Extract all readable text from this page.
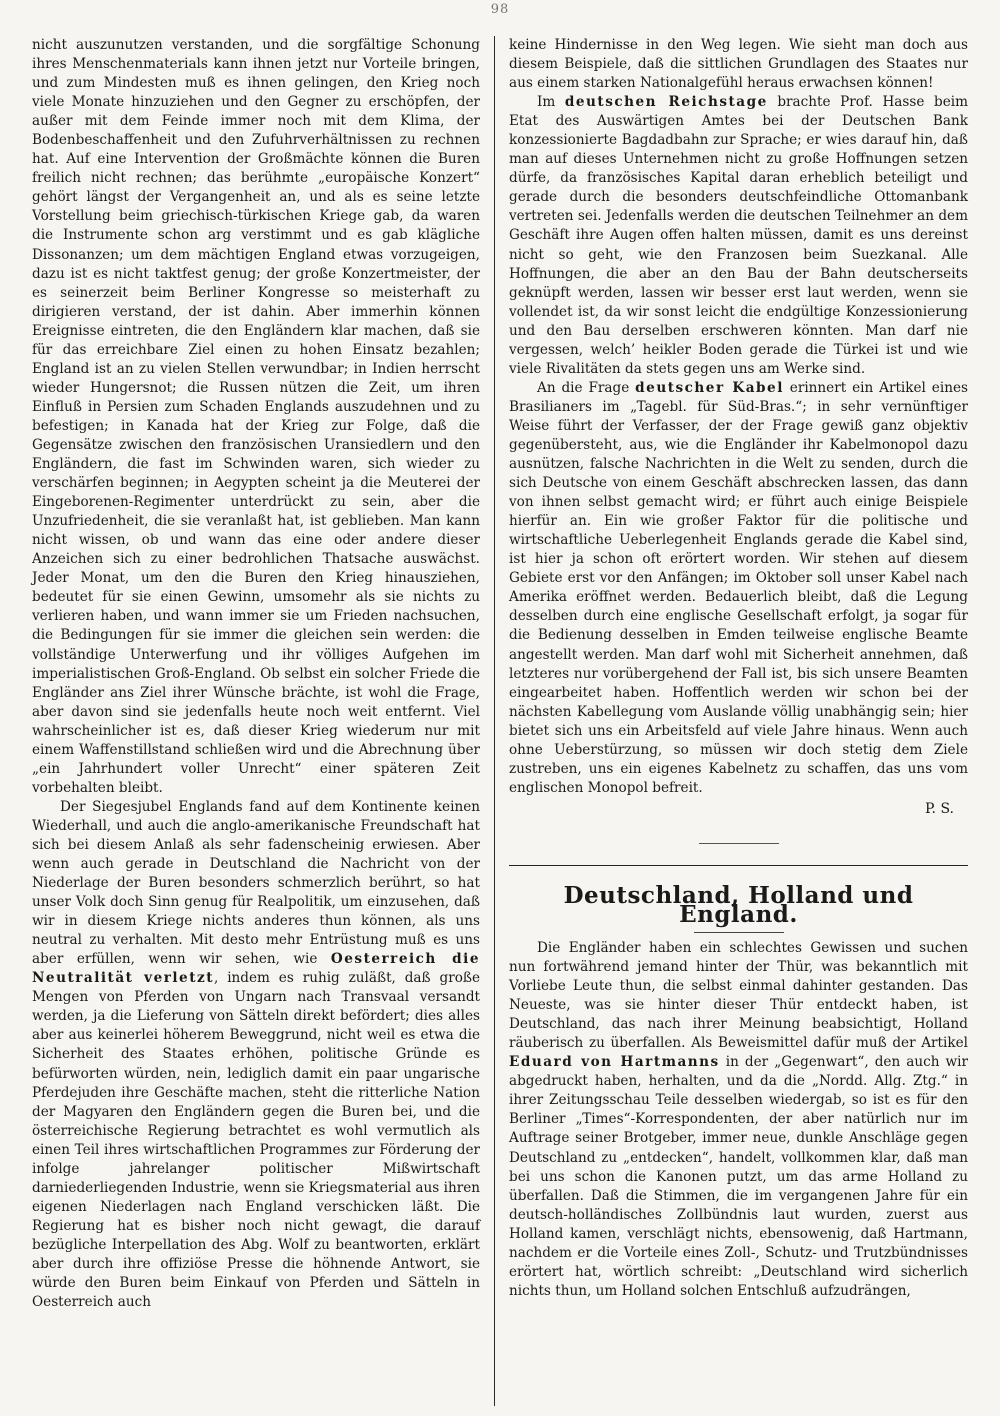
98

nicht auszunutzen verstanden, und die sorgfältige Schonung ihres Menschenmaterials kann ihnen jetzt nur Vorteile bringen, und zum Mindesten muß es ihnen gelingen, den Krieg noch viele Monate hinzuziehen und den Gegner zu erschöpfen, der außer mit dem Feinde immer noch mit dem Klima, der Bodenbeschaffenheit und den Zufuhrverhältnissen zu rechnen hat. Auf eine Intervention der Großmächte können die Buren freilich nicht rechnen; das berühmte „europäische Konzert“ gehört längst der Vergangenheit an, und als es seine letzte Vorstellung beim griechisch-türkischen Kriege gab, da waren die Instrumente schon arg verstimmt und es gab klägliche Dissonanzen; um dem mächtigen England etwas vorzugeigen, dazu ist es nicht taktfest genug; der große Konzertmeister, der es seinerzeit beim Berliner Kongresse so meisterhaft zu dirigieren verstand, der ist dahin. Aber immerhin können Ereignisse eintreten, die den Engländern klar machen, daß sie für das erreichbare Ziel einen zu hohen Einsatz bezahlen; England ist an zu vielen Stellen verwundbar; in Indien herrscht wieder Hungersnot; die Russen nützen die Zeit, um ihren Einfluß in Persien zum Schaden Englands auszudehnen und zu befestigen; in Kanada hat der Krieg zur Folge, daß die Gegensätze zwischen den französischen Uransiedlern und den Engländern, die fast im Schwinden waren, sich wieder zu verschärfen beginnen; in Aegypten scheint ja die Meuterei der Eingeborenen-Regimenter unterdrückt zu sein, aber die Unzufriedenheit, die sie veranlaßt hat, ist geblieben. Man kann nicht wissen, ob und wann das eine oder andere dieser Anzeichen sich zu einer bedrohlichen Thatsache auswächst. Jeder Monat, um den die Buren den Krieg hinausziehen, bedeutet für sie einen Gewinn, umsomehr als sie nichts zu verlieren haben, und wann immer sie um Frieden nachsuchen, die Bedingungen für sie immer die gleichen sein werden: die vollständige Unterwerfung und ihr völliges Aufgehen im imperialistischen Groß-England. Ob selbst ein solcher Friede die Engländer ans Ziel ihrer Wünsche brächte, ist wohl die Frage, aber davon sind sie jedenfalls heute noch weit entfernt. Viel wahrscheinlicher ist es, daß dieser Krieg wiederum nur mit einem Waffenstillstand schließen wird und die Abrechnung über „ein Jahrhundert voller Unrecht“ einer späteren Zeit vorbehalten bleibt.

Der Siegesjubel Englands fand auf dem Kontinente keinen Wiederhall, und auch die anglo-amerikanische Freundschaft hat sich bei diesem Anlaß als sehr fadenscheinig erwiesen. Aber wenn auch gerade in Deutschland die Nachricht von der Niederlage der Buren besonders schmerzlich berührt, so hat unser Volk doch Sinn genug für Realpolitik, um einzusehen, daß wir in diesem Kriege nichts anderes thun können, als uns neutral zu verhalten. Mit desto mehr Entrüstung muß es uns aber erfüllen, wenn wir sehen, wie Oesterreich die Neutralität verletzt, indem es ruhig zuläßt, daß große Mengen von Pferden von Ungarn nach Transvaal versandt werden, ja die Lieferung von Sätteln direkt befördert; dies alles aber aus keinerlei höherem Beweggrund, nicht weil es etwa die Sicherheit des Staates erhöhen, politische Gründe es befürworten würden, nein, lediglich damit ein paar ungarische Pferdejuden ihre Geschäfte machen, steht die ritterliche Nation der Magyaren den Engländern gegen die Buren bei, und die österreichische Regierung betrachtet es wohl vermutlich als einen Teil ihres wirtschaftlichen Programmes zur Förderung der infolge jahrelanger politischer Mißwirtschaft darniederliegenden Industrie, wenn sie Kriegsmaterial aus ihren eigenen Niederlagen nach England verschicken läßt. Die Regierung hat es bisher noch nicht gewagt, die darauf bezügliche Interpellation des Abg. Wolf zu beantworten, erklärt aber durch ihre offiziöse Presse die höhnende Antwort, sie würde den Buren beim Einkauf von Pferden und Sätteln in Oesterreich auch

keine Hindernisse in den Weg legen. Wie sieht man doch aus diesem Beispiele, daß die sittlichen Grundlagen des Staates nur aus einem starken Nationalgefühl heraus erwachsen können!

Im deutschen Reichstage brachte Prof. Hasse beim Etat des Auswärtigen Amtes bei der Deutschen Bank konzessionierte Bagdadbahn zur Sprache; er wies darauf hin, daß man auf dieses Unternehmen nicht zu große Hoffnungen setzen dürfe, da französisches Kapital daran erheblich beteiligt und gerade durch die besonders deutschfeindliche Ottomanbank vertreten sei. Jedenfalls werden die deutschen Teilnehmer an dem Geschäft ihre Augen offen halten müssen, damit es uns dereinst nicht so geht, wie den Franzosen beim Suezkanal. Alle Hoffnungen, die aber an den Bau der Bahn deutscherseits geknüpft werden, lassen wir besser erst laut werden, wenn sie vollendet ist, da wir sonst leicht die endgültige Konzessionierung und den Bau derselben erschweren könnten. Man darf nie vergessen, welch’ heikler Boden gerade die Türkei ist und wie viele Rivalitäten da stets gegen uns am Werke sind.

An die Frage deutscher Kabel erinnert ein Artikel eines Brasilianers im „Tagebl. für Süd-Bras.“; in sehr vernünftiger Weise führt der Verfasser, der der Frage gewiß ganz objektiv gegenübersteht, aus, wie die Engländer ihr Kabelmonopol dazu ausnützen, falsche Nachrichten in die Welt zu senden, durch die sich Deutsche von einem Geschäft abschrecken lassen, das dann von ihnen selbst gemacht wird; er führt auch einige Beispiele hierfür an. Ein wie großer Faktor für die politische und wirtschaftliche Ueberlegenheit Englands gerade die Kabel sind, ist hier ja schon oft erörtert worden. Wir stehen auf diesem Gebiete erst vor den Anfängen; im Oktober soll unser Kabel nach Amerika eröffnet werden. Bedauerlich bleibt, daß die Legung desselben durch eine englische Gesellschaft erfolgt, ja sogar für die Bedienung desselben in Emden teilweise englische Beamte angestellt werden. Man darf wohl mit Sicherheit annehmen, daß letzteres nur vorübergehend der Fall ist, bis sich unsere Beamten eingearbeitet haben. Hoffentlich werden wir schon bei der nächsten Kabellegung vom Auslande völlig unabhängig sein; hier bietet sich uns ein Arbeitsfeld auf viele Jahre hinaus. Wenn auch ohne Ueberstürzung, so müssen wir doch stetig dem Ziele zustreben, uns ein eigenes Kabelnetz zu schaffen, das uns vom englischen Monopol befreit.

P. S.
Deutschland, Holland und England.

Die Engländer haben ein schlechtes Gewissen und suchen nun fortwährend jemand hinter der Thür, was bekanntlich mit Vorliebe Leute thun, die selbst einmal dahinter gestanden. Das Neueste, was sie hinter dieser Thür entdeckt haben, ist Deutschland, das nach ihrer Meinung beabsichtigt, Holland räuberisch zu überfallen. Als Beweismittel dafür muß der Artikel Eduard von Hartmanns in der „Gegenwart“, den auch wir abgedruckt haben, herhalten, und da die „Nordd. Allg. Ztg.“ in ihrer Zeitungsschau Teile desselben wiedergab, so ist es für den Berliner „Times“-Korrespondenten, der aber natürlich nur im Auftrage seiner Brotgeber, immer neue, dunkle Anschläge gegen Deutschland zu „entdecken“, handelt, vollkommen klar, daß man bei uns schon die Kanonen putzt, um das arme Holland zu überfallen. Daß die Stimmen, die im vergangenen Jahre für ein deutsch-holländisches Zollbündnis laut wurden, zuerst aus Holland kamen, verschlägt nichts, ebensowenig, daß Hartmann, nachdem er die Vorteile eines Zoll-, Schutz- und Trutzbündnisses erörtert hat, wörtlich schreibt: „Deutschland wird sicherlich nichts thun, um Holland solchen Entschluß aufzudrängen,
